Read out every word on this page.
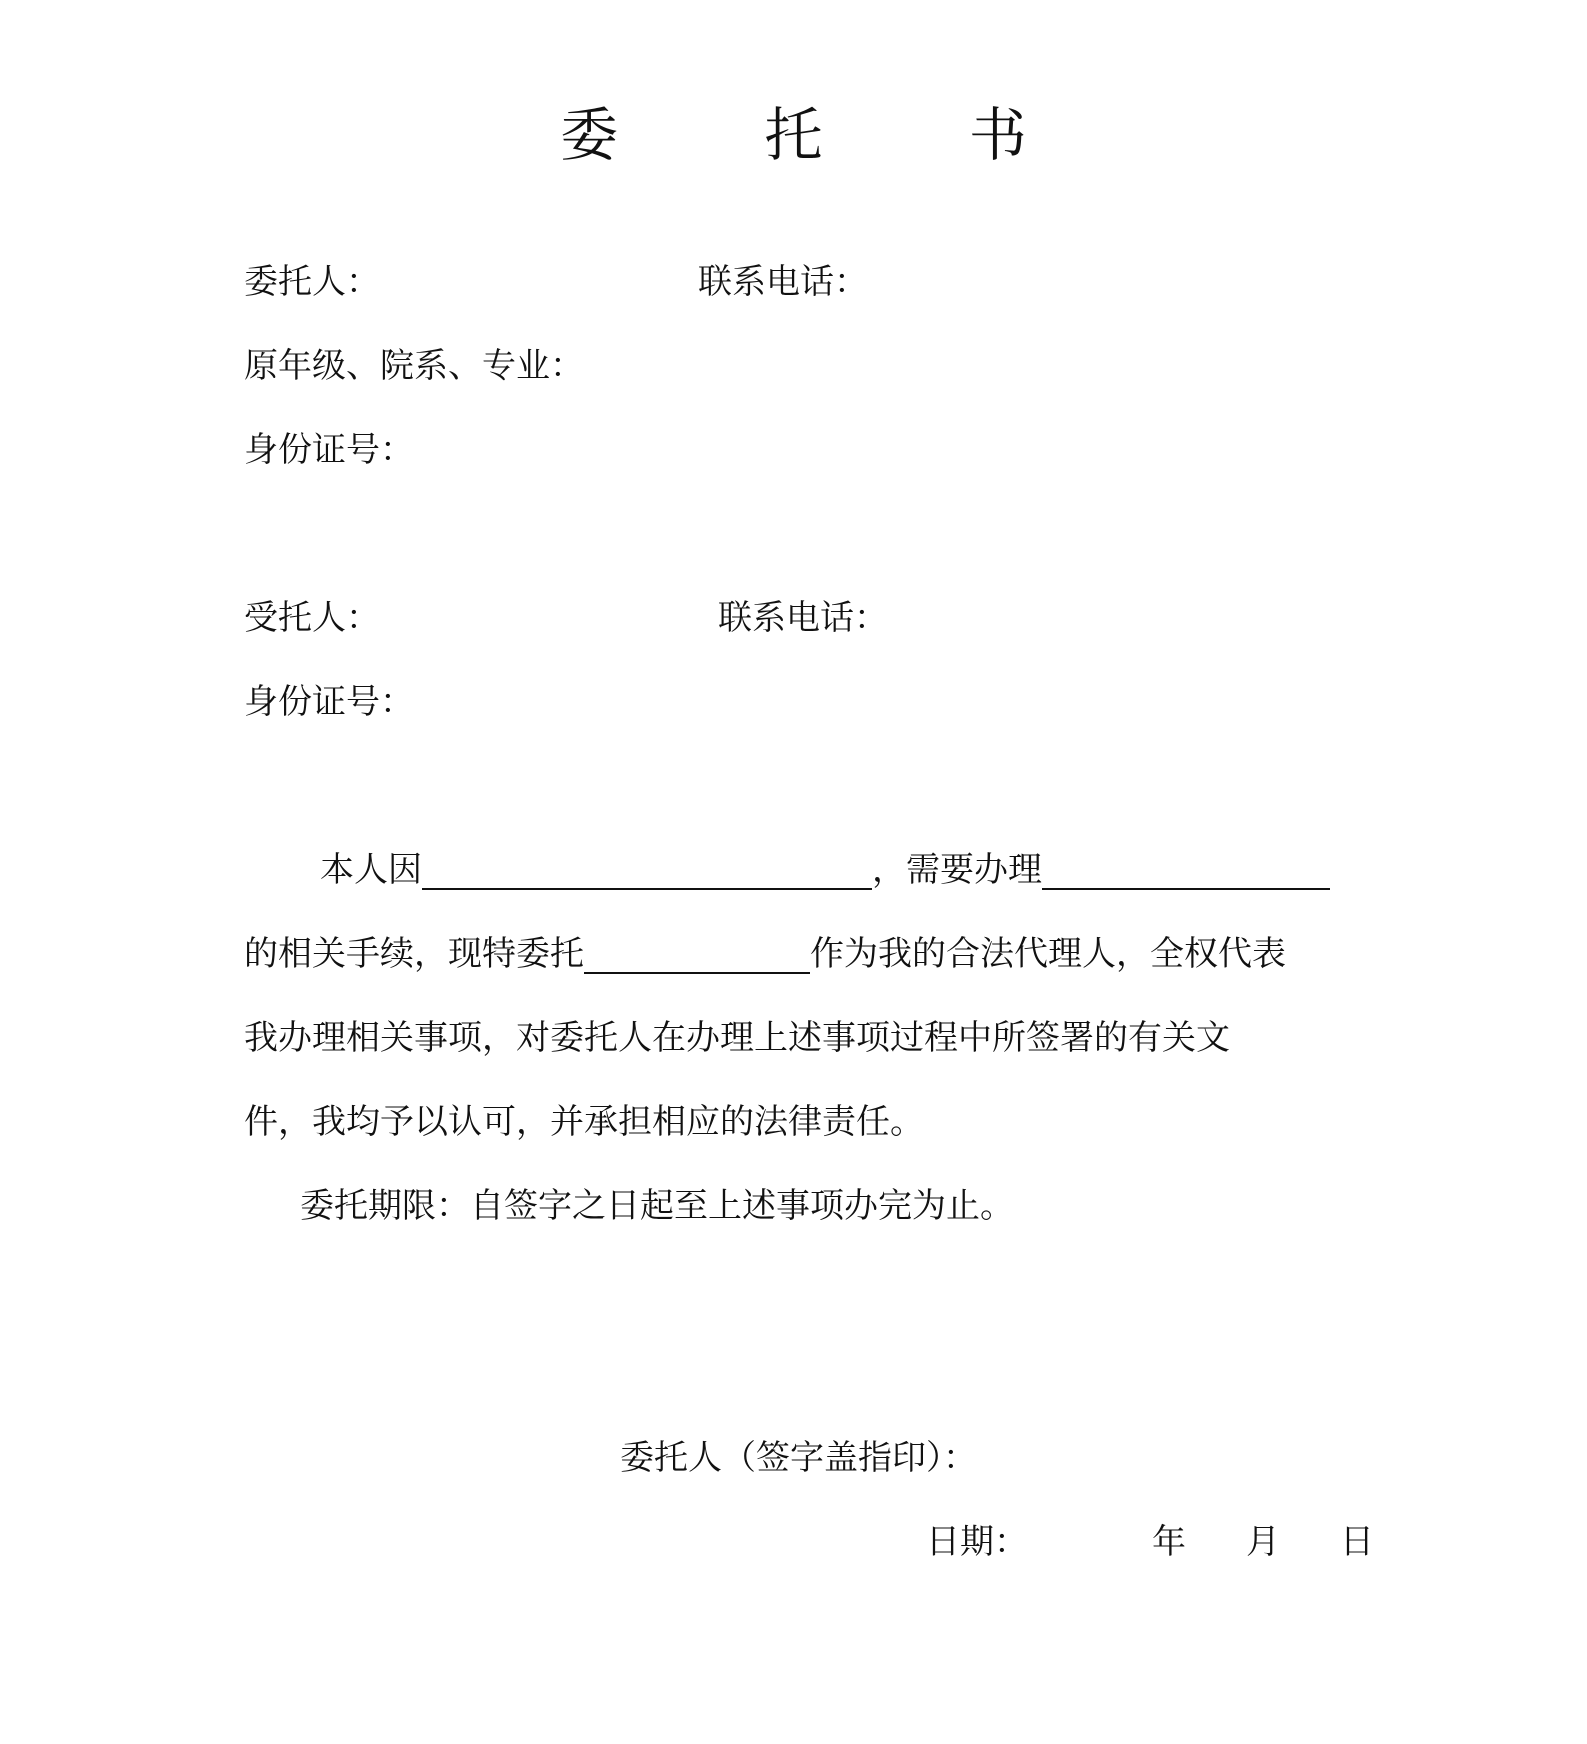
委 托 书
委托人：	联系电话：
原年级、院系、专业：
身份证号：
受托人：	联系电话：
身份证号：
本人因	，需要办理
的相关手续，现特委托	作为我的合法代理人，全权代表
我办理相关事项，对委托人在办理上述事项过程中所签署的有关文
件，我均予以认可，并承担相应的法律责任。
委托期限：自签字之日起至上述事项办完为止。
委托人（签字盖指印）：
日期：	年 月 日
